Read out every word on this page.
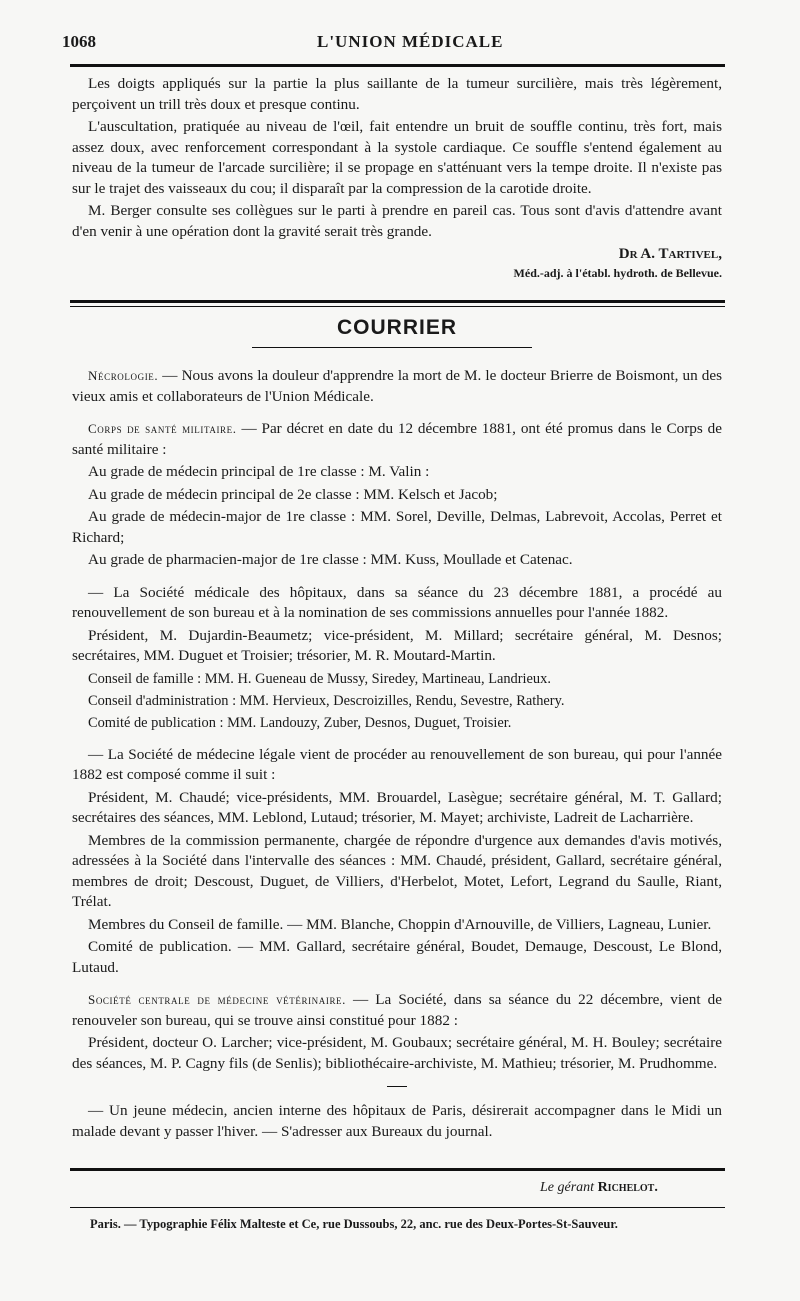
1068	L'UNION MÉDICALE

Les doigts appliqués sur la partie la plus saillante de la tumeur surcilière, mais très légèrement, perçoivent un trill très doux et presque continu.

L'auscultation, pratiquée au niveau de l'œil, fait entendre un bruit de souffle continu, très fort, mais assez doux, avec renforcement correspondant à la systole cardiaque. Ce souffle s'entend également au niveau de la tumeur de l'arcade surcilière; il se propage en s'atténuant vers la tempe droite. Il n'existe pas sur le trajet des vaisseaux du cou; il disparaît par la compression de la carotide droite.

M. Berger consulte ses collègues sur le parti à prendre en pareil cas. Tous sont d'avis d'attendre avant d'en venir à une opération dont la gravité serait très grande.

Dr A. Tartivel,
Méd.-adj. à l'établ. hydroth. de Bellevue.
COURRIER

Nécrologie. — Nous avons la douleur d'apprendre la mort de M. le docteur Brierre de Boismont, un des vieux amis et collaborateurs de l'Union Médicale.

Corps de santé militaire. — Par décret en date du 12 décembre 1881, ont été promus dans le Corps de santé militaire :

Au grade de médecin principal de 1re classe : M. Valin :

Au grade de médecin principal de 2e classe : MM. Kelsch et Jacob;

Au grade de médecin-major de 1re classe : MM. Sorel, Deville, Delmas, Labrevoit, Accolas, Perret et Richard;

Au grade de pharmacien-major de 1re classe : MM. Kuss, Moullade et Catenac.

— La Société médicale des hôpitaux, dans sa séance du 23 décembre 1881, a procédé au renouvellement de son bureau et à la nomination de ses commissions annuelles pour l'année 1882.

Président, M. Dujardin-Beaumetz; vice-président, M. Millard; secrétaire général, M. Desnos; secrétaires, MM. Duguet et Troisier; trésorier, M. R. Moutard-Martin.

Conseil de famille : MM. H. Gueneau de Mussy, Siredey, Martineau, Landrieux.

Conseil d'administration : MM. Hervieux, Descroizilles, Rendu, Sevestre, Rathery.

Comité de publication : MM. Landouzy, Zuber, Desnos, Duguet, Troisier.

— La Société de médecine légale vient de procéder au renouvellement de son bureau, qui pour l'année 1882 est composé comme il suit :

Président, M. Chaudé; vice-présidents, MM. Brouardel, Lasègue; secrétaire général, M. T. Gallard; secrétaires des séances, MM. Leblond, Lutaud; trésorier, M. Mayet; archiviste, Ladreit de Lacharrière.

Membres de la commission permanente, chargée de répondre d'urgence aux demandes d'avis motivés, adressées à la Société dans l'intervalle des séances : MM. Chaudé, président, Gallard, secrétaire général, membres de droit; Descoust, Duguet, de Villiers, d'Herbelot, Motet, Lefort, Legrand du Saulle, Riant, Trélat.

Membres du Conseil de famille. — MM. Blanche, Choppin d'Arnouville, de Villiers, Lagneau, Lunier.

Comité de publication. — MM. Gallard, secrétaire général, Boudet, Demauge, Descoust, Le Blond, Lutaud.

Société centrale de médecine vétérinaire. — La Société, dans sa séance du 22 décembre, vient de renouveler son bureau, qui se trouve ainsi constitué pour 1882 :

Président, docteur O. Larcher; vice-président, M. Goubaux; secrétaire général, M. H. Bouley; secrétaire des séances, M. P. Cagny fils (de Senlis); bibliothécaire-archiviste, M. Mathieu; trésorier, M. Prudhomme.

— Un jeune médecin, ancien interne des hôpitaux de Paris, désirerait accompagner dans le Midi un malade devant y passer l'hiver. — S'adresser aux Bureaux du journal.

Le gérant Richelot.
Paris. — Typographie Félix Malteste et Ce, rue Dussoubs, 22, anc. rue des Deux-Portes-St-Sauveur.
